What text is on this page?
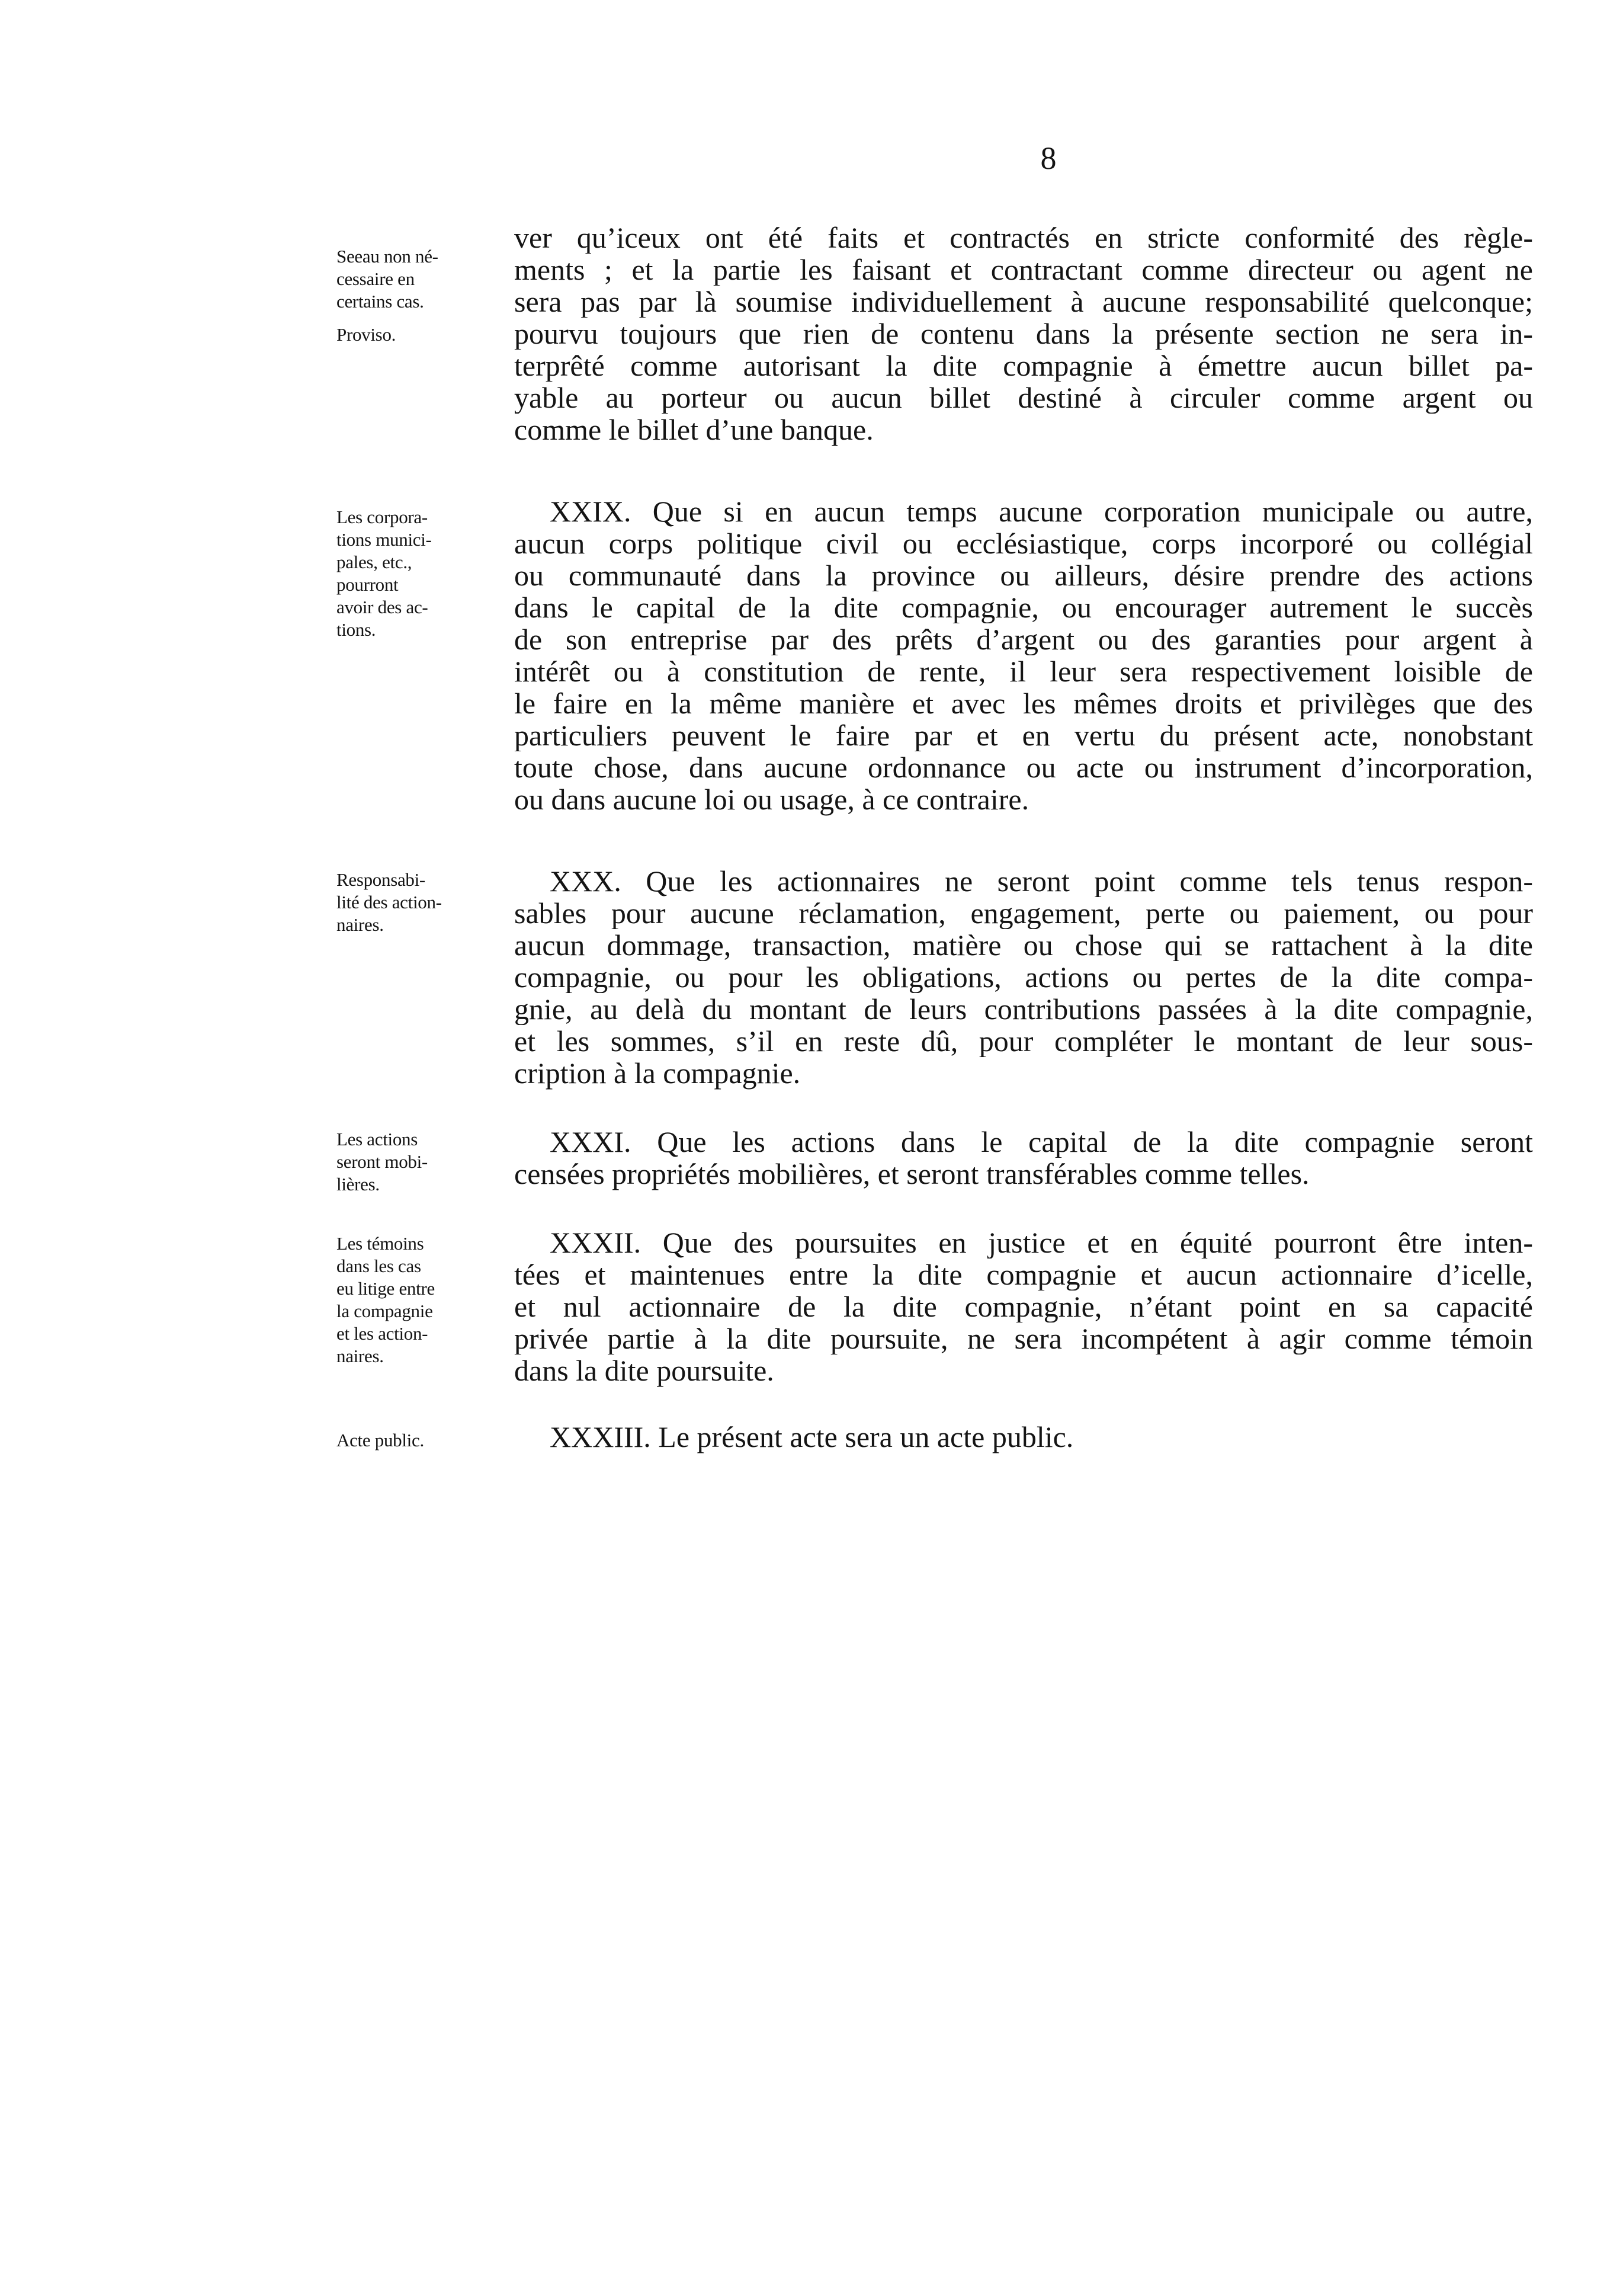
8

Seeau non né-
cessaire en
certains cas.
Proviso.
ver qu’iceux ont été faits et contractés en stricte conformité des règle-
ments ; et la partie les faisant et contractant comme directeur ou agent ne
sera pas par là soumise individuellement à aucune responsabilité quelconque;
pourvu toujours que rien de contenu dans la présente section ne sera in-
terprêté comme autorisant la dite compagnie à émettre aucun billet pa-
yable au porteur ou aucun billet destiné à circuler comme argent ou
comme le billet d’une banque.
Les corpora-
tions munici-
pales, etc.,
pourront
avoir des ac-
tions.
XXIX. Que si en aucun temps aucune corporation municipale ou autre,
aucun corps politique civil ou ecclésiastique, corps incorporé ou collégial
ou communauté dans la province ou ailleurs, désire prendre des actions
dans le capital de la dite compagnie, ou encourager autrement le succès
de son entreprise par des prêts d’argent ou des garanties pour argent à
intérêt ou à constitution de rente, il leur sera respectivement loisible de
le faire en la même manière et avec les mêmes droits et privilèges que des
particuliers peuvent le faire par et en vertu du présent acte, nonobstant
toute chose, dans aucune ordonnance ou acte ou instrument d’incorporation,
ou dans aucune loi ou usage, à ce contraire.
Responsabi-
lité des action-
naires.
XXX. Que les actionnaires ne seront point comme tels tenus respon-
sables pour aucune réclamation, engagement, perte ou paiement, ou pour
aucun dommage, transaction, matière ou chose qui se rattachent à la dite
compagnie, ou pour les obligations, actions ou pertes de la dite compa-
gnie, au delà du montant de leurs contributions passées à la dite compagnie,
et les sommes, s’il en reste dû, pour compléter le montant de leur sous-
cription à la compagnie.
Les actions
seront mobi-
lières.
XXXI. Que les actions dans le capital de la dite compagnie seront
censées propriétés mobilières, et seront transférables comme telles.
Les témoins
dans les cas
eu litige entre
la compagnie
et les action-
naires.
XXXII. Que des poursuites en justice et en équité pourront être inten-
tées et maintenues entre la dite compagnie et aucun actionnaire d’icelle,
et nul actionnaire de la dite compagnie, n’étant point en sa capacité
privée partie à la dite poursuite, ne sera incompétent à agir comme témoin
dans la dite poursuite.
Acte public.	XXXIII. Le présent acte sera un acte public.
